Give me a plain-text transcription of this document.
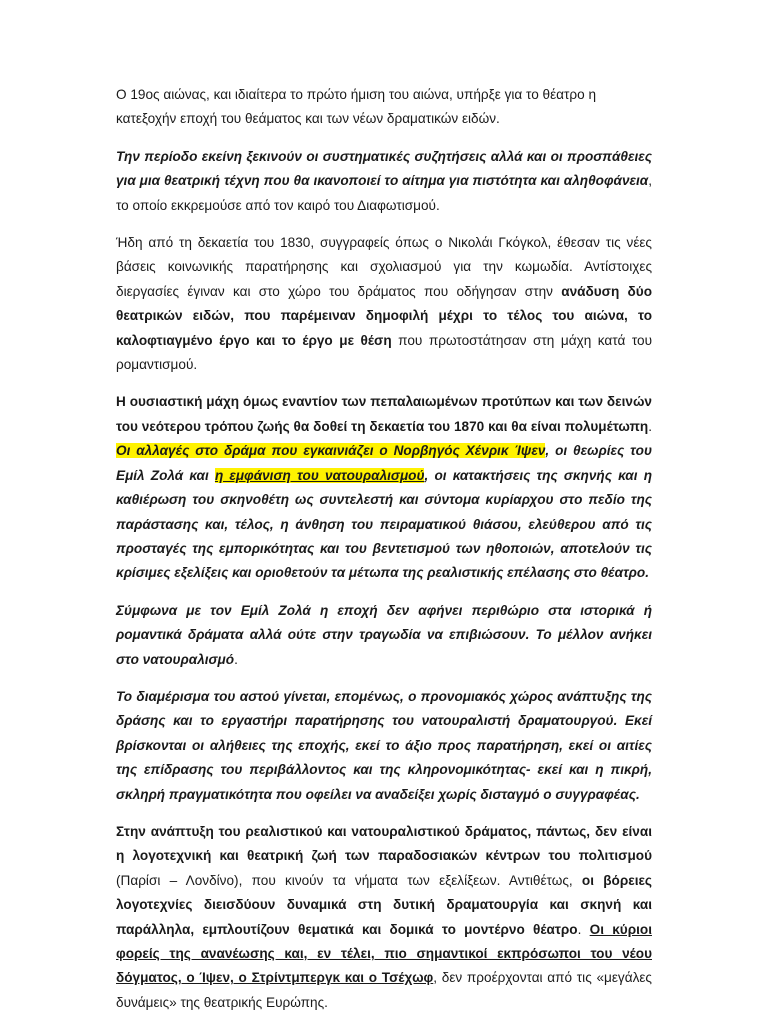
Ο 19ος αιώνας, και ιδιαίτερα το πρώτο ήμιση του αιώνα, υπήρξε για το θέατρο η κατεξοχήν εποχή του θεάματος και των νέων δραματικών ειδών.

Την περίοδο εκείνη ξεκινούν οι συστηματικές συζητήσεις αλλά και οι προσπάθειες για μια θεατρική τέχνη που θα ικανοποιεί το αίτημα για πιστότητα και αληθοφάνεια, το οποίο εκκρεμούσε από τον καιρό του Διαφωτισμού.

Ήδη από τη δεκαετία του 1830, συγγραφείς όπως ο Νικολάι Γκόγκολ, έθεσαν τις νέες βάσεις κοινωνικής παρατήρησης και σχολιασμού για την κωμωδία. Αντίστοιχες διεργασίες έγιναν και στο χώρο του δράματος που οδήγησαν στην ανάδυση δύο θεατρικών ειδών, που παρέμειναν δημοφιλή μέχρι το τέλος του αιώνα, το καλοφτιαγμένο έργο και το έργο με θέση που πρωτοστάτησαν στη μάχη κατά του ρομαντισμού.

Η ουσιαστική μάχη όμως εναντίον των πεπαλαιωμένων προτύπων και των δεινών του νεότερου τρόπου ζωής θα δοθεί τη δεκαετία του 1870 και θα είναι πολυμέτωπη. Οι αλλαγές στο δράμα που εγκαινιάζει ο Νορβηγός Χένρικ Ίψεν, οι θεωρίες του Εμίλ Ζολά και η εμφάνιση του νατουραλισμού, οι κατακτήσεις της σκηνής και η καθιέρωση του σκηνοθέτη ως συντελεστή και σύντομα κυρίαρχου στο πεδίο της παράστασης και, τέλος, η άνθηση του πειραματικού θιάσου, ελεύθερου από τις προσταγές της εμπορικότητας και του βεντετισμού των ηθοποιών, αποτελούν τις κρίσιμες εξελίξεις και οριοθετούν τα μέτωπα της ρεαλιστικής επέλασης στο θέατρο.

Σύμφωνα με τον Εμίλ Ζολά η εποχή δεν αφήνει περιθώριο στα ιστορικά ή ρομαντικά δράματα αλλά ούτε στην τραγωδία να επιβιώσουν. Το μέλλον ανήκει στο νατουραλισμό.

Το διαμέρισμα του αστού γίνεται, επομένως, ο προνομιακός χώρος ανάπτυξης της δράσης και το εργαστήρι παρατήρησης του νατουραλιστή δραματουργού. Εκεί βρίσκονται οι αλήθειες της εποχής, εκεί το άξιο προς παρατήρηση, εκεί οι αιτίες της επίδρασης του περιβάλλοντος και της κληρονομικότητας- εκεί και η πικρή, σκληρή πραγματικότητα που οφείλει να αναδείξει χωρίς δισταγμό ο συγγραφέας.

Στην ανάπτυξη του ρεαλιστικού και νατουραλιστικού δράματος, πάντως, δεν είναι η λογοτεχνική και θεατρική ζωή των παραδοσιακών κέντρων του πολιτισμού (Παρίσι – Λονδίνο), που κινούν τα νήματα των εξελίξεων. Αντιθέτως, οι βόρειες λογοτεχνίες διεισδύουν δυναμικά στη δυτική δραματουργία και σκηνή και παράλληλα, εμπλουτίζουν θεματικά και δομικά το μοντέρνο θέατρο. Οι κύριοι φορείς της ανανέωσης και, εν τέλει, πιο σημαντικοί εκπρόσωποι του νέου δόγματος, ο Ίψεν, ο Στρίντμπεργκ και ο Τσέχωφ, δεν προέρχονται από τις «μεγάλες δυνάμεις» της θεατρικής Ευρώπης.
